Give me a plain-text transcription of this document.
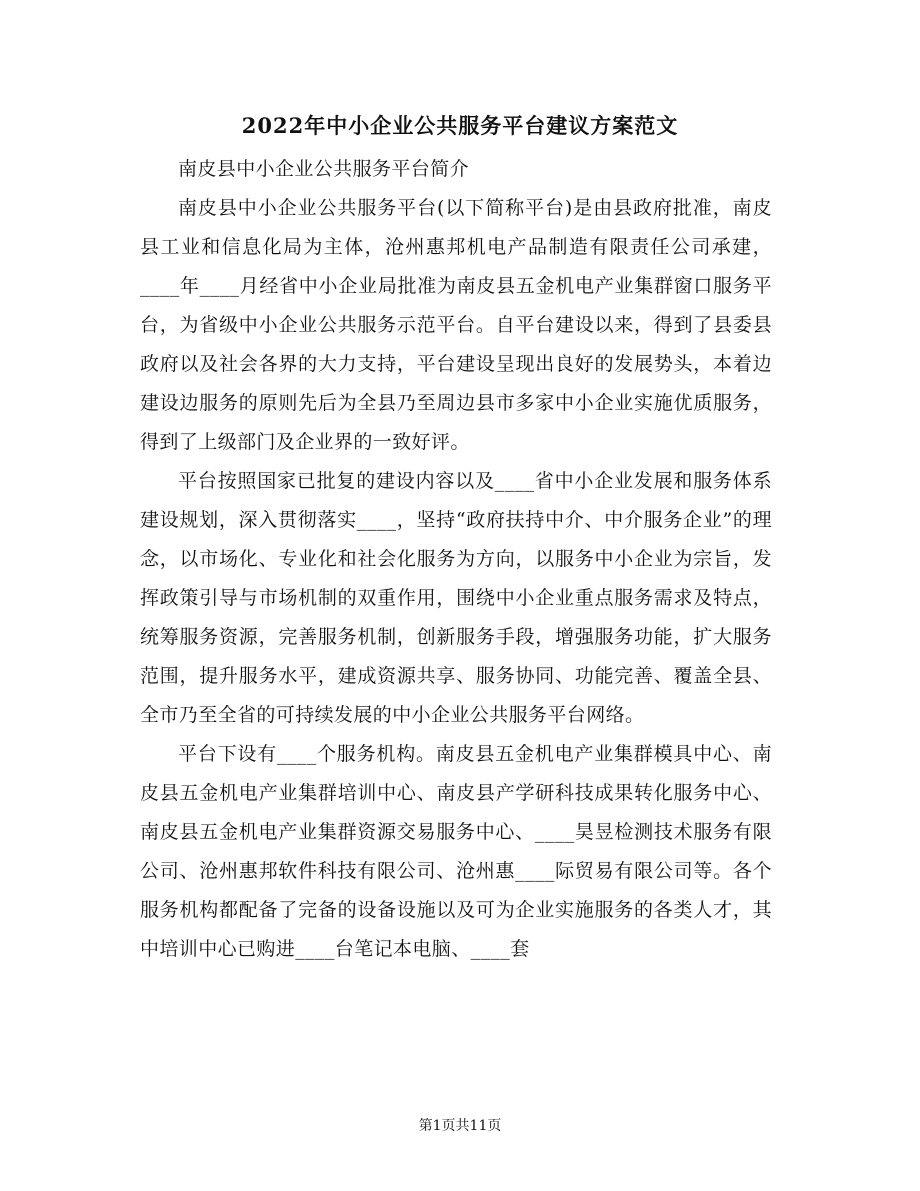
2022年中小企业公共服务平台建议方案范文

南皮县中小企业公共服务平台简介

南皮县中小企业公共服务平台(以下简称平台)是由县政府批准，南皮县工业和信息化局为主体，沧州惠邦机电产品制造有限责任公司承建，____年____月经省中小企业局批准为南皮县五金机电产业集群窗口服务平台，为省级中小企业公共服务示范平台。自平台建设以来，得到了县委县政府以及社会各界的大力支持，平台建设呈现出良好的发展势头，本着边建设边服务的原则先后为全县乃至周边县市多家中小企业实施优质服务，得到了上级部门及企业界的一致好评。

平台按照国家已批复的建设内容以及____省中小企业发展和服务体系建设规划，深入贯彻落实____，坚持“政府扶持中介、中介服务企业”的理念，以市场化、专业化和社会化服务为方向，以服务中小企业为宗旨，发挥政策引导与市场机制的双重作用，围绕中小企业重点服务需求及特点，统筹服务资源，完善服务机制，创新服务手段，增强服务功能，扩大服务范围，提升服务水平，建成资源共享、服务协同、功能完善、覆盖全县、全市乃至全省的可持续发展的中小企业公共服务平台网络。

平台下设有____个服务机构。南皮县五金机电产业集群模具中心、南皮县五金机电产业集群培训中心、南皮县产学研科技成果转化服务中心、南皮县五金机电产业集群资源交易服务中心、____昊昱检测技术服务有限公司、沧州惠邦软件科技有限公司、沧州惠____际贸易有限公司等。各个服务机构都配备了完备的设备设施以及可为企业实施服务的各类人才，其中培训中心已购进____台笔记本电脑、____套

第1页共11页
